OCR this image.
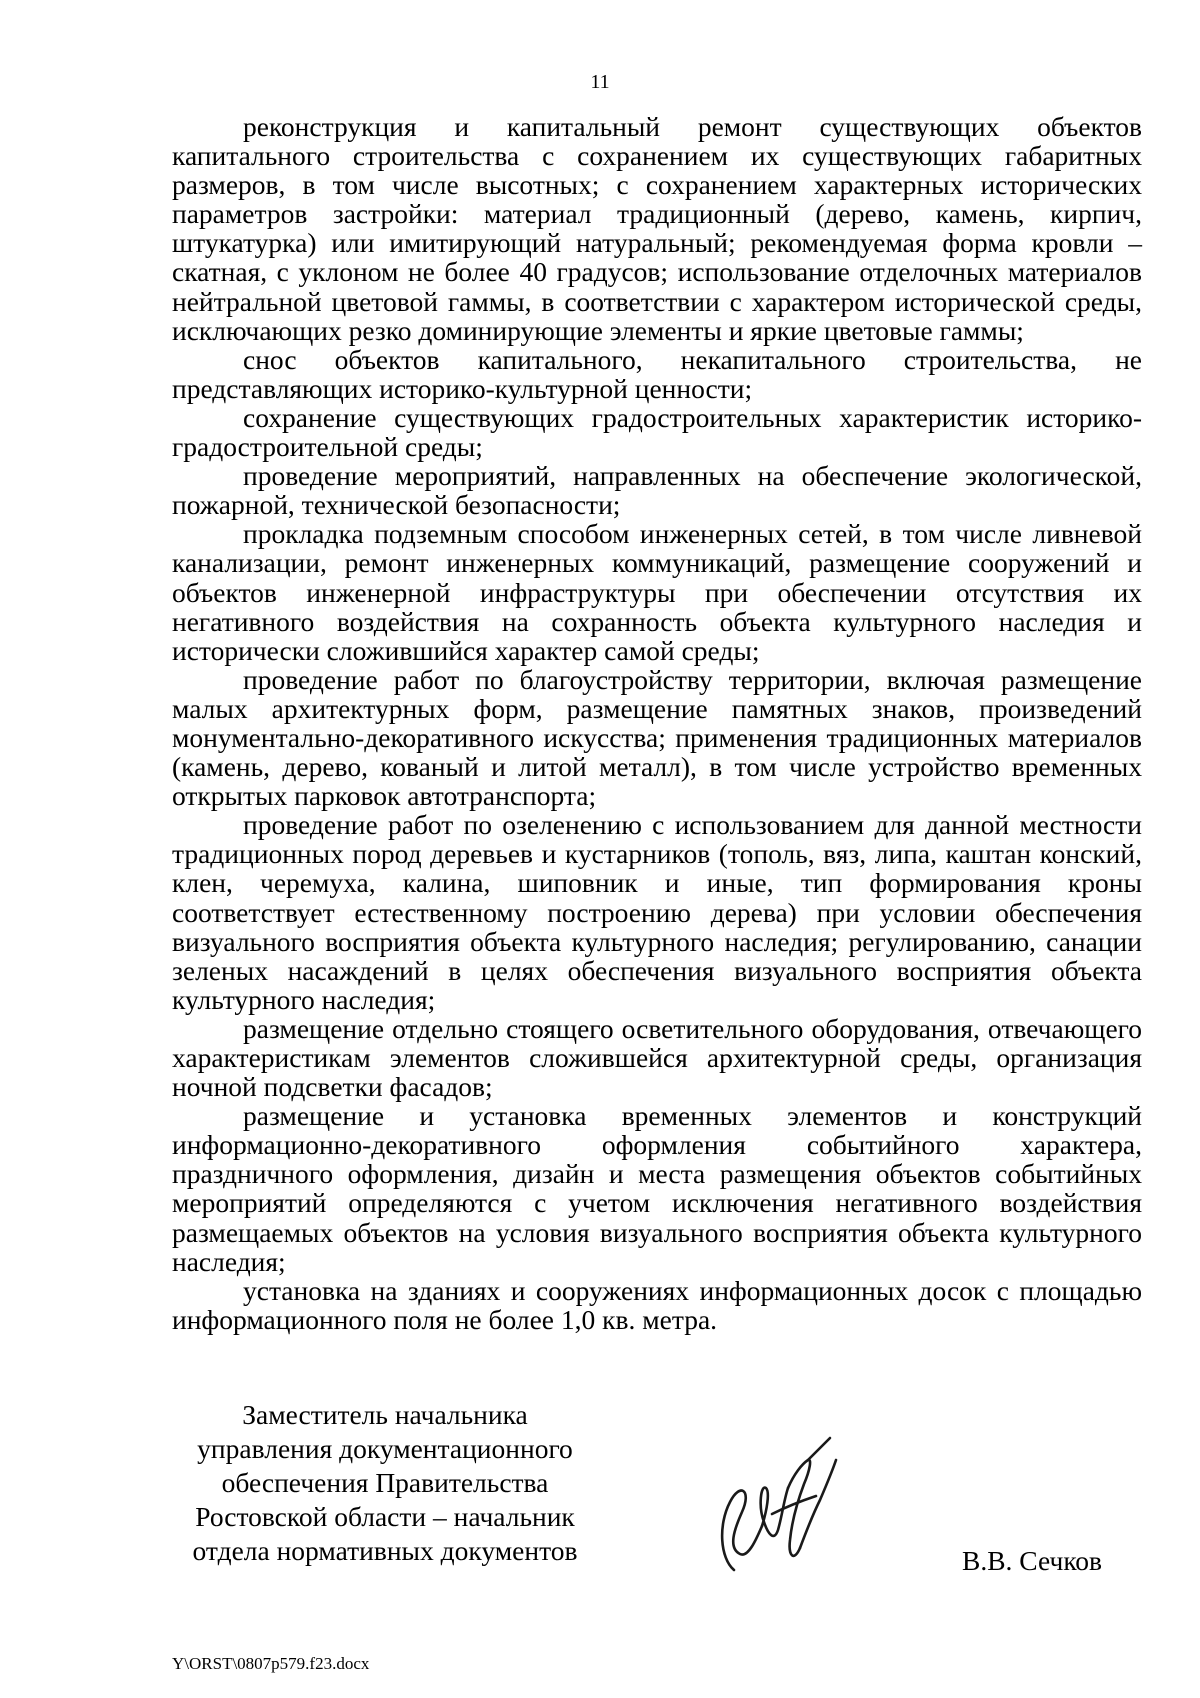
11

реконструкция и капитальный ремонт существующих объектов капитального строительства с сохранением их существующих габаритных размеров, в том числе высотных; с сохранением характерных исторических параметров застройки: материал традиционный (дерево, камень, кирпич, штукатурка) или имитирующий натуральный; рекомендуемая форма кровли – скатная, с уклоном не более 40 градусов; использование отделочных материалов нейтральной цветовой гаммы, в соответствии с характером исторической среды, исключающих резко доминирующие элементы и яркие цветовые гаммы;

снос объектов капитального, некапитального строительства, не представляющих историко-культурной ценности;

сохранение существующих градостроительных характеристик историко-градостроительной среды;

проведение мероприятий, направленных на обеспечение экологической, пожарной, технической безопасности;

прокладка подземным способом инженерных сетей, в том числе ливневой канализации, ремонт инженерных коммуникаций, размещение сооружений и объектов инженерной инфраструктуры при обеспечении отсутствия их негативного воздействия на сохранность объекта культурного наследия и исторически сложившийся характер самой среды;

проведение работ по благоустройству территории, включая размещение малых архитектурных форм, размещение памятных знаков, произведений монументально-декоративного искусства; применения традиционных материалов (камень, дерево, кованый и литой металл), в том числе устройство временных открытых парковок автотранспорта;

проведение работ по озеленению с использованием для данной местности традиционных пород деревьев и кустарников (тополь, вяз, липа, каштан конский, клен, черемуха, калина, шиповник и иные, тип формирования кроны соответствует естественному построению дерева) при условии обеспечения визуального восприятия объекта культурного наследия; регулированию, санации зеленых насаждений в целях обеспечения визуального восприятия объекта культурного наследия;

размещение отдельно стоящего осветительного оборудования, отвечающего характеристикам элементов сложившейся архитектурной среды, организация ночной подсветки фасадов;

размещение и установка временных элементов и конструкций информационно-декоративного оформления событийного характера, праздничного оформления, дизайн и места размещения объектов событийных мероприятий определяются с учетом исключения негативного воздействия размещаемых объектов на условия визуального восприятия объекта культурного наследия;

установка на зданиях и сооружениях информационных досок с площадью информационного поля не более 1,0 кв. метра.

Заместитель начальника
управления документационного
обеспечения Правительства
Ростовской области – начальник
отдела нормативных документов	В.В. Сечков
Y\ORST\0807p579.f23.docx
